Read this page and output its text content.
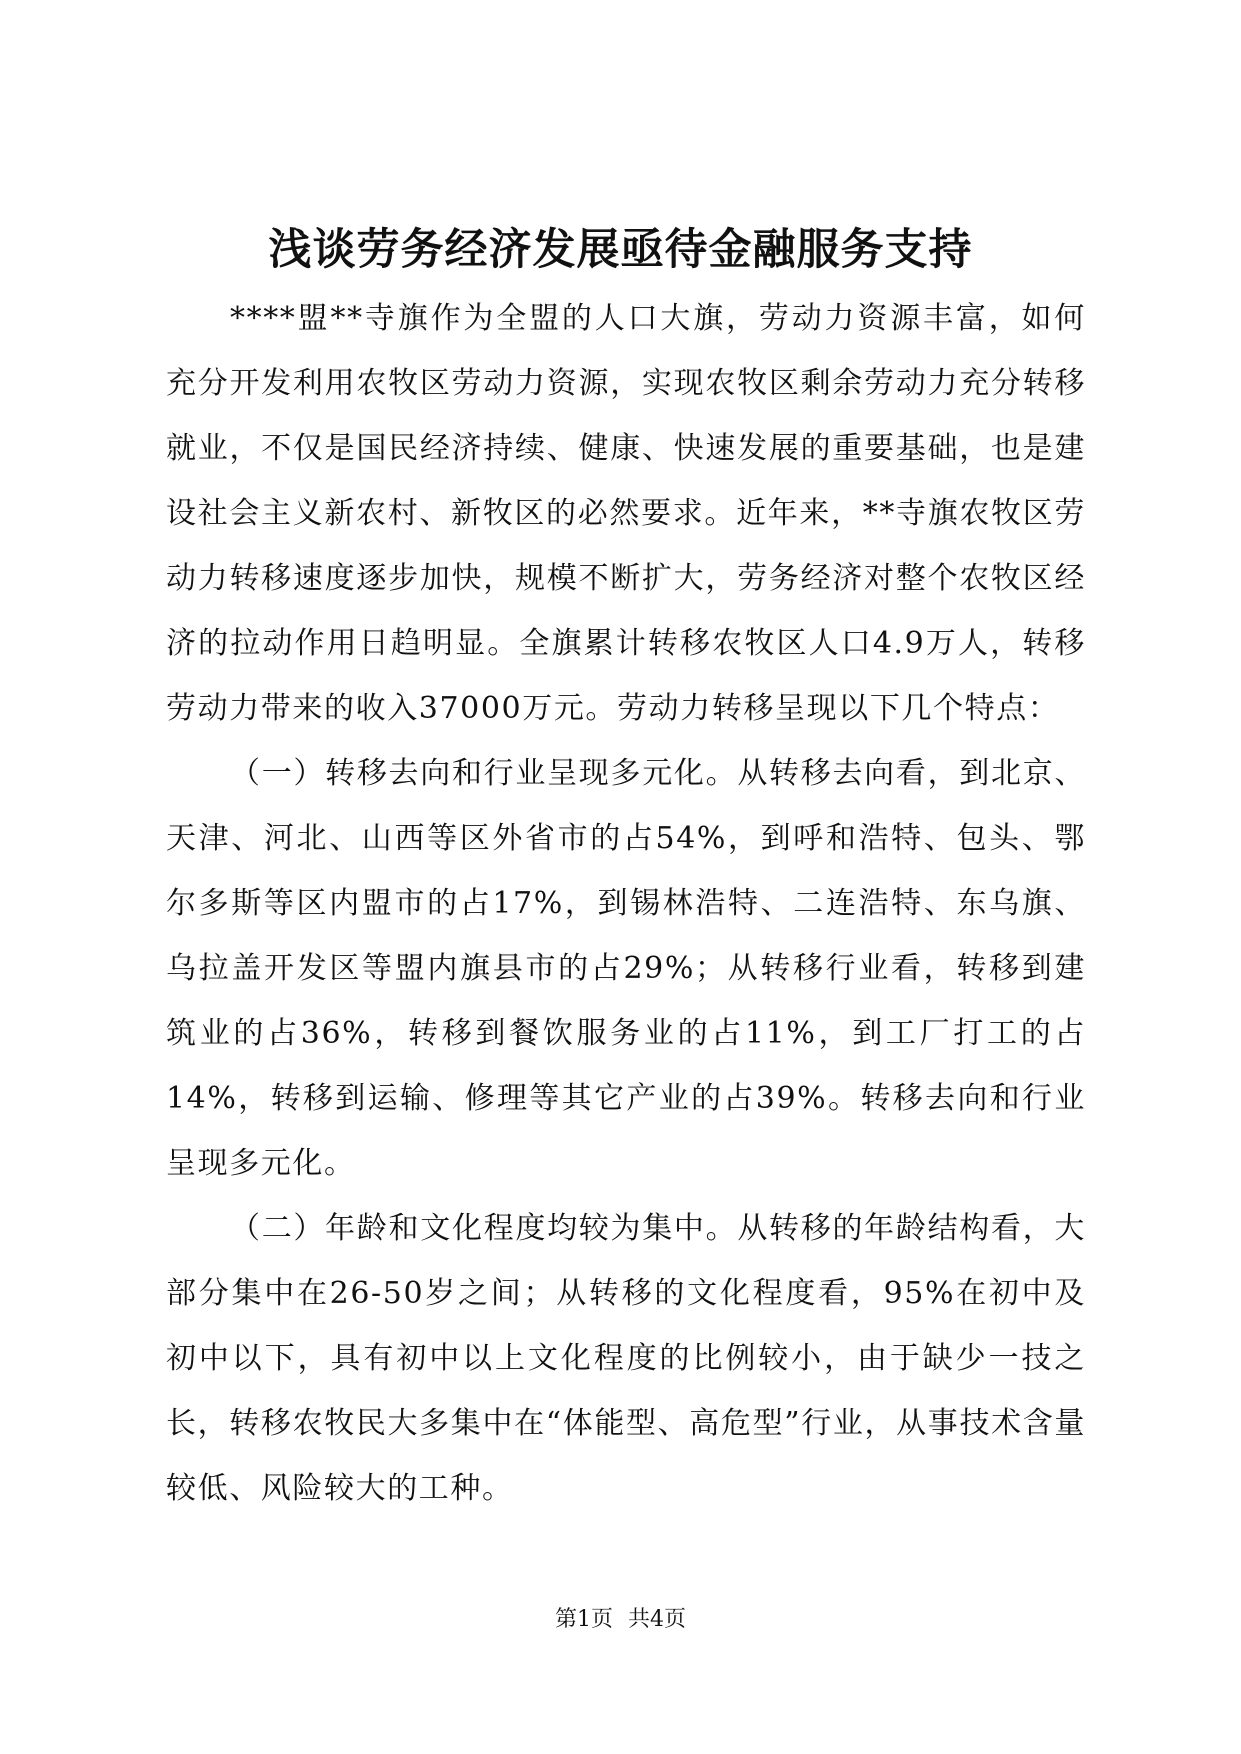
浅谈劳务经济发展亟待金融服务支持

****盟**寺旗作为全盟的人口大旗，劳动力资源丰富，如何充分开发利用农牧区劳动力资源，实现农牧区剩余劳动力充分转移就业，不仅是国民经济持续、健康、快速发展的重要基础，也是建设社会主义新农村、新牧区的必然要求。近年来，**寺旗农牧区劳动力转移速度逐步加快，规模不断扩大，劳务经济对整个农牧区经济的拉动作用日趋明显。全旗累计转移农牧区人口4.9万人，转移劳动力带来的收入37000万元。劳动力转移呈现以下几个特点：

（一）转移去向和行业呈现多元化。从转移去向看，到北京、天津、河北、山西等区外省市的占54%，到呼和浩特、包头、鄂尔多斯等区内盟市的占17%，到锡林浩特、二连浩特、东乌旗、乌拉盖开发区等盟内旗县市的占29%；从转移行业看，转移到建筑业的占36%，转移到餐饮服务业的占11%，到工厂打工的占14%，转移到运输、修理等其它产业的占39%。转移去向和行业呈现多元化。

（二）年龄和文化程度均较为集中。从转移的年龄结构看，大部分集中在26-50岁之间；从转移的文化程度看，95%在初中及初中以下，具有初中以上文化程度的比例较小，由于缺少一技之长，转移农牧民大多集中在“体能型、高危型”行业，从事技术含量较低、风险较大的工种。

第1页 共4页
